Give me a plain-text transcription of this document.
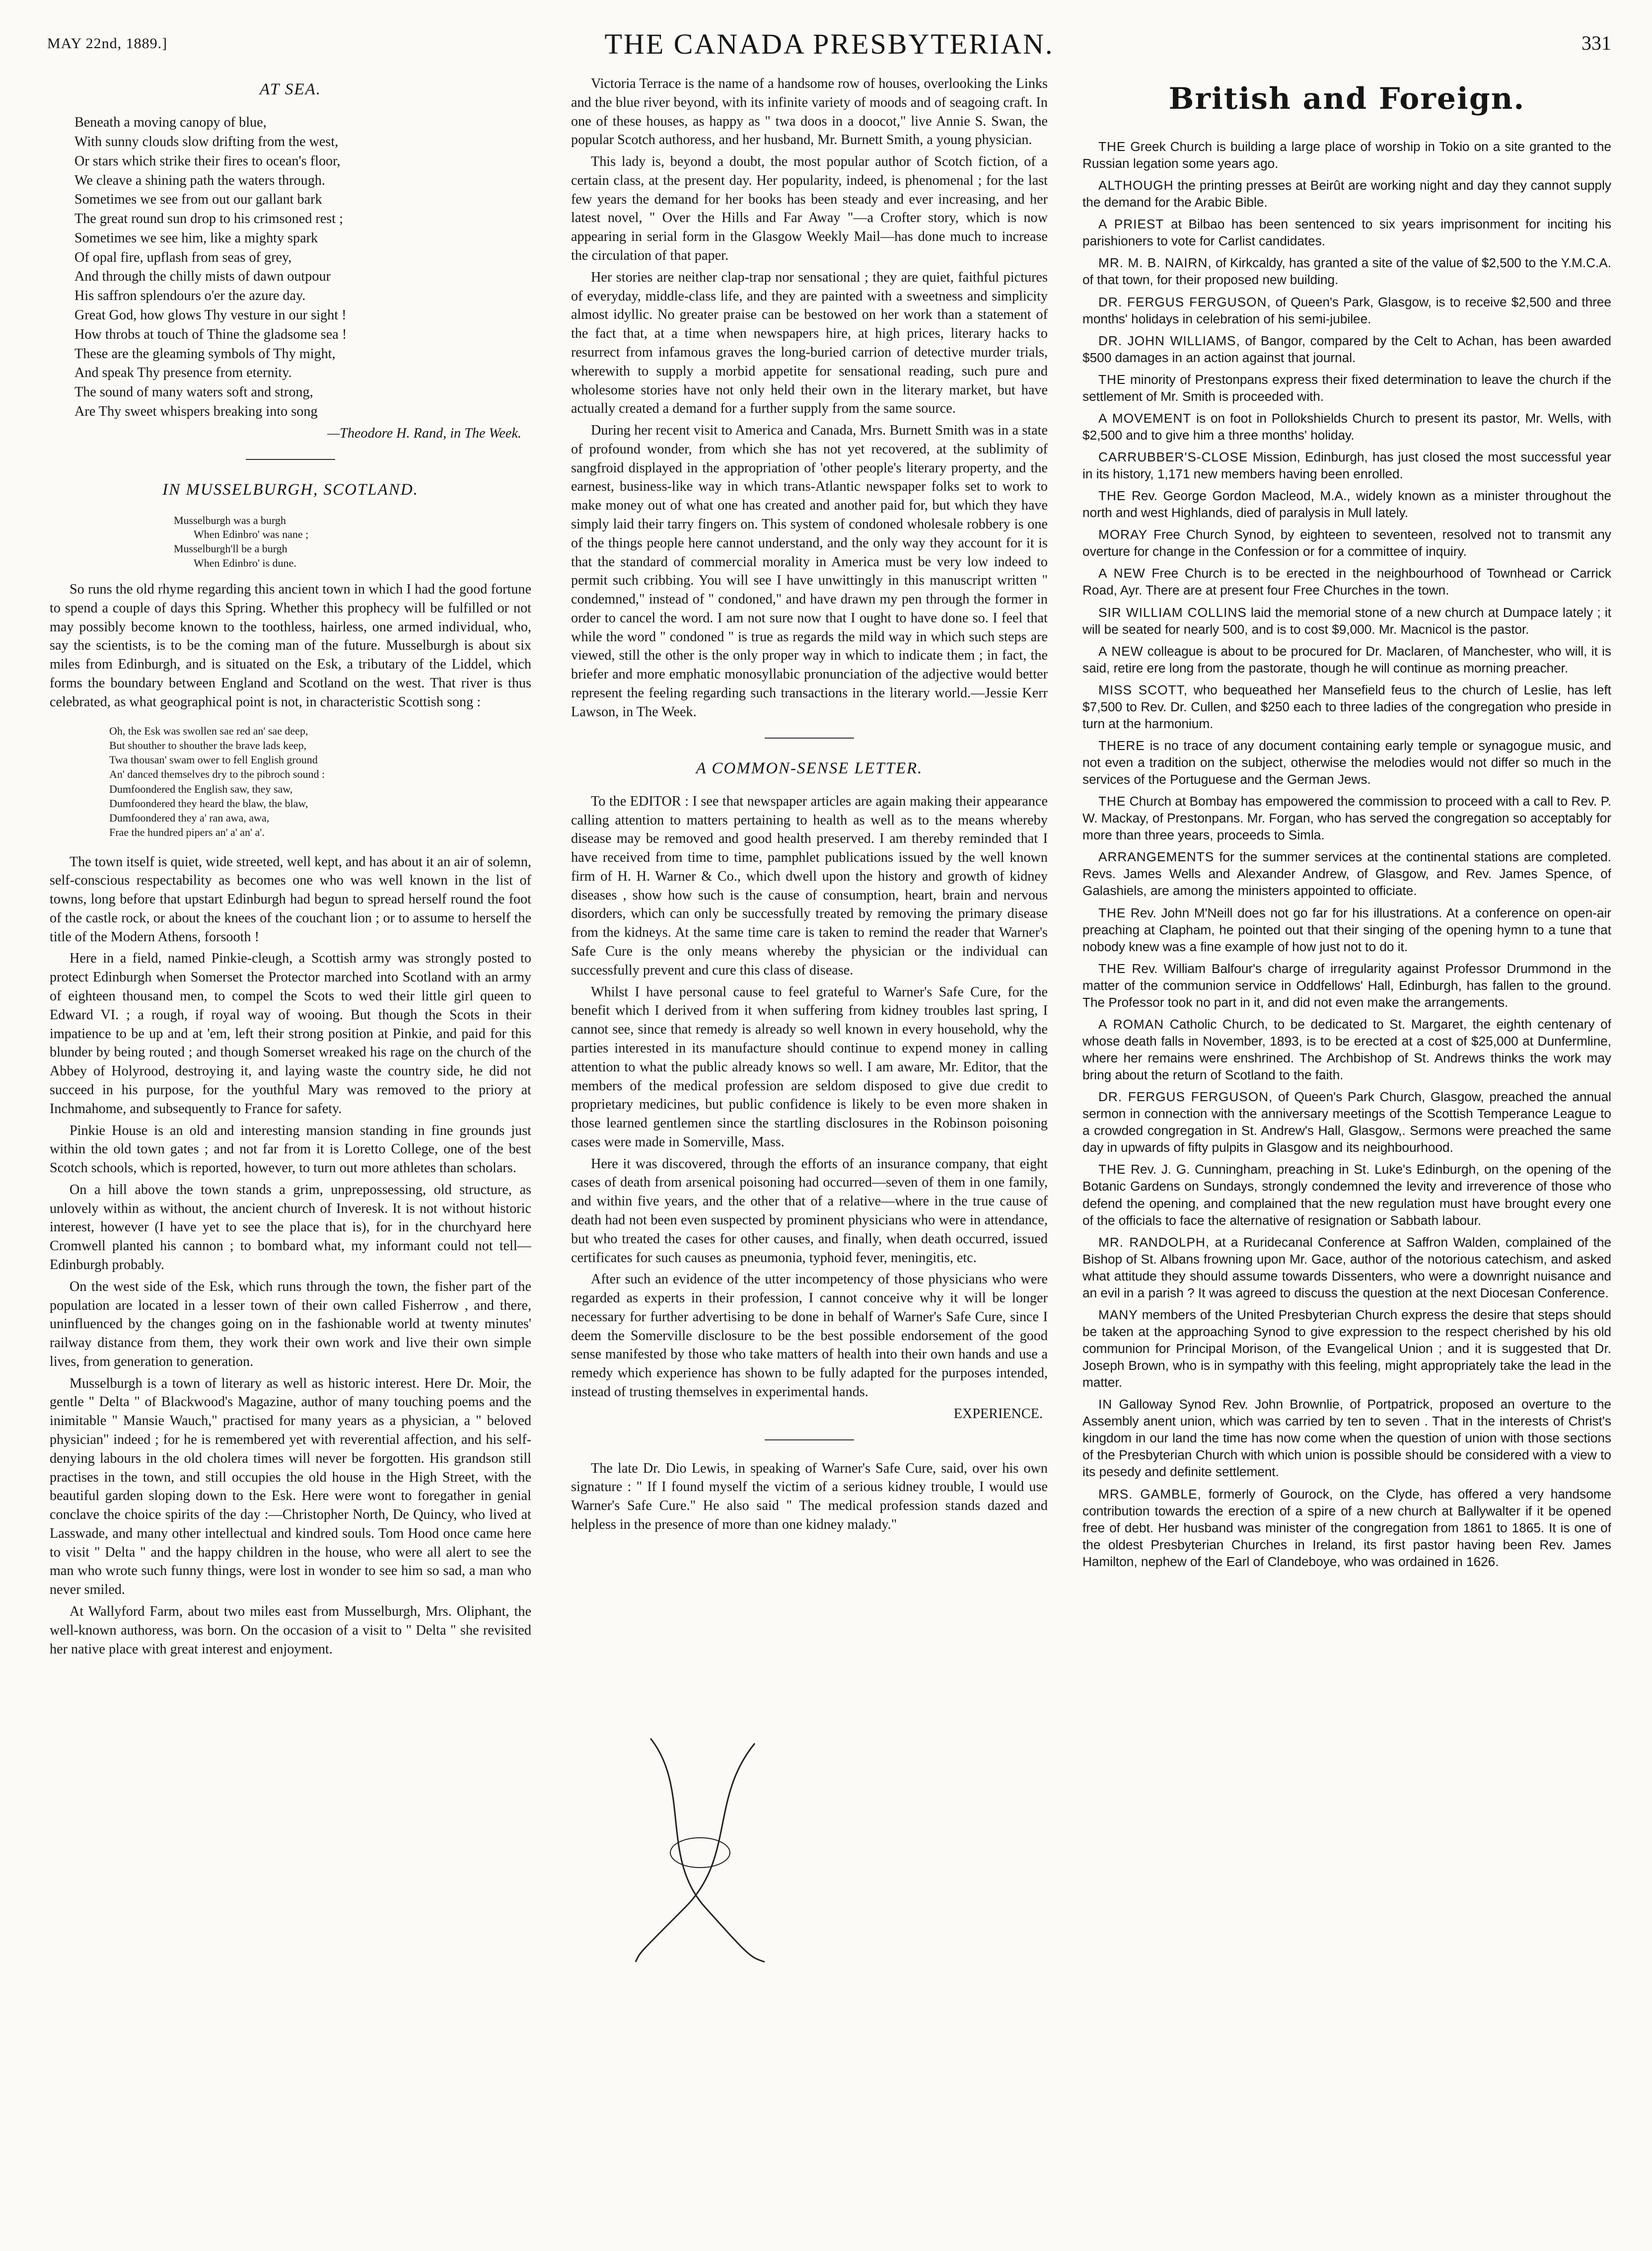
MAY 22nd, 1889.]	THE CANADA PRESBYTERIAN.	331
AT SEA.
Beneath a moving canopy of blue,
With sunny clouds slow drifting from the west,
Or stars which strike their fires to ocean's floor,
We cleave a shining path the waters through.
Sometimes we see from out our gallant bark
The great round sun drop to his crimsoned rest ;
Sometimes we see him, like a mighty spark
Of opal fire, upflash from seas of grey,
And through the chilly mists of dawn outpour
His saffron splendours o'er the azure day.
Great God, how glows Thy vesture in our sight !
How throbs at touch of Thine the gladsome sea !
These are the gleaming symbols of Thy might,
And speak Thy presence from eternity.
The sound of many waters soft and strong,
Are Thy sweet whispers breaking into song
—Theodore H. Rand, in The Week.
IN MUSSELBURGH, SCOTLAND.
Musselburgh was a burgh
When Edinbro' was nane ;
Musselburgh'll be a burgh
When Edinbro' is dune.

So runs the old rhyme regarding this ancient town in which I had the good fortune to spend a couple of days this Spring. Whether this prophecy will be fulfilled or not may possibly become known to the toothless, hairless, one armed individual, who, say the scientists, is to be the coming man of the future. Musselburgh is about six miles from Edinburgh, and is situated on the Esk, a tributary of the Liddel, which forms the boundary between England and Scotland on the west. That river is thus celebrated, as what geographical point is not, in characteristic Scottish song :

Oh, the Esk was swollen sae red an' sae deep,
But shouther to shouther the brave lads keep,
Twa thousan' swam ower to fell English ground
An' danced themselves dry to the pibroch sound :
Dumfoondered the English saw, they saw,
Dumfoondered they heard the blaw, the blaw,
Dumfoondered they a' ran awa, awa,
Frae the hundred pipers an' a' an' a'.

The town itself is quiet, wide streeted, well kept, and has about it an air of solemn, self-conscious respectability as becomes one who was well known in the list of towns, long before that upstart Edinburgh had begun to spread herself round the foot of the castle rock, or about the knees of the couchant lion ; or to assume to herself the title of the Modern Athens, forsooth !

Here in a field, named Pinkie-cleugh, a Scottish army was strongly posted to protect Edinburgh when Somerset the Protector marched into Scotland with an army of eighteen thousand men, to compel the Scots to wed their little girl queen to Edward VI. ; a rough, if royal way of wooing. But though the Scots in their impatience to be up and at 'em, left their strong position at Pinkie, and paid for this blunder by being routed ; and though Somerset wreaked his rage on the church of the Abbey of Holyrood, destroying it, and laying waste the country side, he did not succeed in his purpose, for the youthful Mary was removed to the priory at Inchmahome, and subsequently to France for safety.

Pinkie House is an old and interesting mansion standing in fine grounds just within the old town gates ; and not far from it is Loretto College, one of the best Scotch schools, which is reported, however, to turn out more athletes than scholars.

On a hill above the town stands a grim, unprepossessing, old structure, as unlovely within as without, the ancient church of Inveresk. It is not without historic interest, however (I have yet to see the place that is), for in the churchyard here Cromwell planted his cannon ; to bombard what, my informant could not tell—Edinburgh probably.

On the west side of the Esk, which runs through the town, the fisher part of the population are located in a lesser town of their own called Fisherrow , and there, uninfluenced by the changes going on in the fashionable world at twenty minutes' railway distance from them, they work their own work and live their own simple lives, from generation to generation.

Musselburgh is a town of literary as well as historic interest. Here Dr. Moir, the gentle " Delta " of Blackwood's Magazine, author of many touching poems and the inimitable " Mansie Wauch," practised for many years as a physician, a " beloved physician" indeed ; for he is remembered yet with reverential affection, and his self-denying labours in the old cholera times will never be forgotten. His grandson still practises in the town, and still occupies the old house in the High Street, with the beautiful garden sloping down to the Esk. Here were wont to foregather in genial conclave the choice spirits of the day :—Christopher North, De Quincy, who lived at Lasswade, and many other intellectual and kindred souls. Tom Hood once came here to visit " Delta " and the happy children in the house, who were all alert to see the man who wrote such funny things, were lost in wonder to see him so sad, a man who never smiled.

At Wallyford Farm, about two miles east from Musselburgh, Mrs. Oliphant, the well-known authoress, was born. On the occasion of a visit to " Delta " she revisited her native place with great interest and enjoyment.

Victoria Terrace is the name of a handsome row of houses, overlooking the Links and the blue river beyond, with its infinite variety of moods and of seagoing craft. In one of these houses, as happy as " twa doos in a doocot," live Annie S. Swan, the popular Scotch authoress, and her husband, Mr. Burnett Smith, a young physician.

This lady is, beyond a doubt, the most popular author of Scotch fiction, of a certain class, at the present day. Her popularity, indeed, is phenomenal ; for the last few years the demand for her books has been steady and ever increasing, and her latest novel, " Over the Hills and Far Away "—a Crofter story, which is now appearing in serial form in the Glasgow Weekly Mail—has done much to increase the circulation of that paper.

Her stories are neither clap-trap nor sensational ; they are quiet, faithful pictures of everyday, middle-class life, and they are painted with a sweetness and simplicity almost idyllic. No greater praise can be bestowed on her work than a statement of the fact that, at a time when newspapers hire, at high prices, literary hacks to resurrect from infamous graves the long-buried carrion of detective murder trials, wherewith to supply a morbid appetite for sensational reading, such pure and wholesome stories have not only held their own in the literary market, but have actually created a demand for a further supply from the same source.

During her recent visit to America and Canada, Mrs. Burnett Smith was in a state of profound wonder, from which she has not yet recovered, at the sublimity of sangfroid displayed in the appropriation of 'other people's literary property, and the earnest, business-like way in which trans-Atlantic newspaper folks set to work to make money out of what one has created and another paid for, but which they have simply laid their tarry fingers on. This system of condoned wholesale robbery is one of the things people here cannot understand, and the only way they account for it is that the standard of commercial morality in America must be very low indeed to permit such cribbing. You will see I have unwittingly in this manuscript written " condemned," instead of " condoned," and have drawn my pen through the former in order to cancel the word. I am not sure now that I ought to have done so. I feel that while the word " condoned " is true as regards the mild way in which such steps are viewed, still the other is the only proper way in which to indicate them ; in fact, the briefer and more emphatic monosyllabic pronunciation of the adjective would better represent the feeling regarding such transactions in the literary world.—Jessie Kerr Lawson, in The Week.

A COMMON-SENSE LETTER.

To the EDITOR : I see that newspaper articles are again making their appearance calling attention to matters pertaining to health as well as to the means whereby disease may be removed and good health preserved. I am thereby reminded that I have received from time to time, pamphlet publications issued by the well known firm of H. H. Warner & Co., which dwell upon the history and growth of kidney diseases , show how such is the cause of consumption, heart, brain and nervous disorders, which can only be successfully treated by removing the primary disease from the kidneys. At the same time care is taken to remind the reader that Warner's Safe Cure is the only means whereby the physician or the individual can successfully prevent and cure this class of disease.

Whilst I have personal cause to feel grateful to Warner's Safe Cure, for the benefit which I derived from it when suffering from kidney troubles last spring, I cannot see, since that remedy is already so well known in every household, why the parties interested in its manufacture should continue to expend money in calling attention to what the public already knows so well. I am aware, Mr. Editor, that the members of the medical profession are seldom disposed to give due credit to proprietary medicines, but public confidence is likely to be even more shaken in those learned gentlemen since the startling disclosures in the Robinson poisoning cases were made in Somerville, Mass.

Here it was discovered, through the efforts of an insurance company, that eight cases of death from arsenical poisoning had occurred—seven of them in one family, and within five years, and the other that of a relative—where in the true cause of death had not been even suspected by prominent physicians who were in attendance, but who treated the cases for other causes, and finally, when death occurred, issued certificates for such causes as pneumonia, typhoid fever, meningitis, etc.

After such an evidence of the utter incompetency of those physicians who were regarded as experts in their profession, I cannot conceive why it will be longer necessary for further advertising to be done in behalf of Warner's Safe Cure, since I deem the Somerville disclosure to be the best possible endorsement of the good sense manifested by those who take matters of health into their own hands and use a remedy which experience has shown to be fully adapted for the purposes intended, instead of trusting themselves in experimental hands.

EXPERIENCE.

The late Dr. Dio Lewis, in speaking of Warner's Safe Cure, said, over his own signature : " If I found myself the victim of a serious kidney trouble, I would use Warner's Safe Cure." He also said " The medical profession stands dazed and helpless in the presence of more than one kidney malady."

British and Foreign.
THE Greek Church is building a large place of worship in Tokio on a site granted to the Russian legation some years ago.
ALTHOUGH the printing presses at Beirût are working night and day they cannot supply the demand for the Arabic Bible.
A PRIEST at Bilbao has been sentenced to six years imprisonment for inciting his parishioners to vote for Carlist candidates.
MR. M. B. NAIRN, of Kirkcaldy, has granted a site of the value of $2,500 to the Y.M.C.A. of that town, for their proposed new building.
DR. FERGUS FERGUSON, of Queen's Park, Glasgow, is to receive $2,500 and three months' holidays in celebration of his semi-jubilee.
DR. JOHN WILLIAMS, of Bangor, compared by the Celt to Achan, has been awarded $500 damages in an action against that journal.
THE minority of Prestonpans express their fixed determination to leave the church if the settlement of Mr. Smith is proceeded with.
A MOVEMENT is on foot in Pollokshields Church to present its pastor, Mr. Wells, with $2,500 and to give him a three months' holiday.
CARRUBBER'S-CLOSE Mission, Edinburgh, has just closed the most successful year in its history, 1,171 new members having been enrolled.
THE Rev. George Gordon Macleod, M.A., widely known as a minister throughout the north and west Highlands, died of paralysis in Mull lately.
MORAY Free Church Synod, by eighteen to seventeen, resolved not to transmit any overture for change in the Confession or for a committee of inquiry.
A NEW Free Church is to be erected in the neighbourhood of Townhead or Carrick Road, Ayr. There are at present four Free Churches in the town.
SIR WILLIAM COLLINS laid the memorial stone of a new church at Dumpace lately ; it will be seated for nearly 500, and is to cost $9,000. Mr. Macnicol is the pastor.
A NEW colleague is about to be procured for Dr. Maclaren, of Manchester, who will, it is said, retire ere long from the pastorate, though he will continue as morning preacher.
MISS SCOTT, who bequeathed her Mansefield feus to the church of Leslie, has left $7,500 to Rev. Dr. Cullen, and $250 each to three ladies of the congregation who preside in turn at the harmonium.
THERE is no trace of any document containing early temple or synagogue music, and not even a tradition on the subject, otherwise the melodies would not differ so much in the services of the Portuguese and the German Jews.
THE Church at Bombay has empowered the commission to proceed with a call to Rev. P. W. Mackay, of Prestonpans. Mr. Forgan, who has served the congregation so acceptably for more than three years, proceeds to Simla.
ARRANGEMENTS for the summer services at the continental stations are completed. Revs. James Wells and Alexander Andrew, of Glasgow, and Rev. James Spence, of Galashiels, are among the ministers appointed to officiate.
THE Rev. John M'Neill does not go far for his illustrations. At a conference on open-air preaching at Clapham, he pointed out that their singing of the opening hymn to a tune that nobody knew was a fine example of how just not to do it.
THE Rev. William Balfour's charge of irregularity against Professor Drummond in the matter of the communion service in Oddfellows' Hall, Edinburgh, has fallen to the ground. The Professor took no part in it, and did not even make the arrangements.
A ROMAN Catholic Church, to be dedicated to St. Margaret, the eighth centenary of whose death falls in November, 1893, is to be erected at a cost of $25,000 at Dunfermline, where her remains were enshrined. The Archbishop of St. Andrews thinks the work may bring about the return of Scotland to the faith.
DR. FERGUS FERGUSON, of Queen's Park Church, Glasgow, preached the annual sermon in connection with the anniversary meetings of the Scottish Temperance League to a crowded congregation in St. Andrew's Hall, Glasgow,. Sermons were preached the same day in upwards of fifty pulpits in Glasgow and its neighbourhood.
THE Rev. J. G. Cunningham, preaching in St. Luke's Edinburgh, on the opening of the Botanic Gardens on Sundays, strongly condemned the levity and irreverence of those who defend the opening, and complained that the new regulation must have brought every one of the officials to face the alternative of resignation or Sabbath labour.
MR. RANDOLPH, at a Ruridecanal Conference at Saffron Walden, complained of the Bishop of St. Albans frowning upon Mr. Gace, author of the notorious catechism, and asked what attitude they should assume towards Dissenters, who were a downright nuisance and an evil in a parish ? It was agreed to discuss the question at the next Diocesan Conference.
MANY members of the United Presbyterian Church express the desire that steps should be taken at the approaching Synod to give expression to the respect cherished by his old communion for Principal Morison, of the Evangelical Union ; and it is suggested that Dr. Joseph Brown, who is in sympathy with this feeling, might appropriately take the lead in the matter.
IN Galloway Synod Rev. John Brownlie, of Portpatrick, proposed an overture to the Assembly anent union, which was carried by ten to seven . That in the interests of Christ's kingdom in our land the time has now come when the question of union with those sections of the Presbyterian Church with which union is possible should be considered with a view to its pesedy and definite settlement.
MRS. GAMBLE, formerly of Gourock, on the Clyde, has offered a very handsome contribution towards the erection of a spire of a new church at Ballywalter if it be opened free of debt. Her husband was minister of the congregation from 1861 to 1865. It is one of the oldest Presbyterian Churches in Ireland, its first pastor having been Rev. James Hamilton, nephew of the Earl of Clandeboye, who was ordained in 1626.
